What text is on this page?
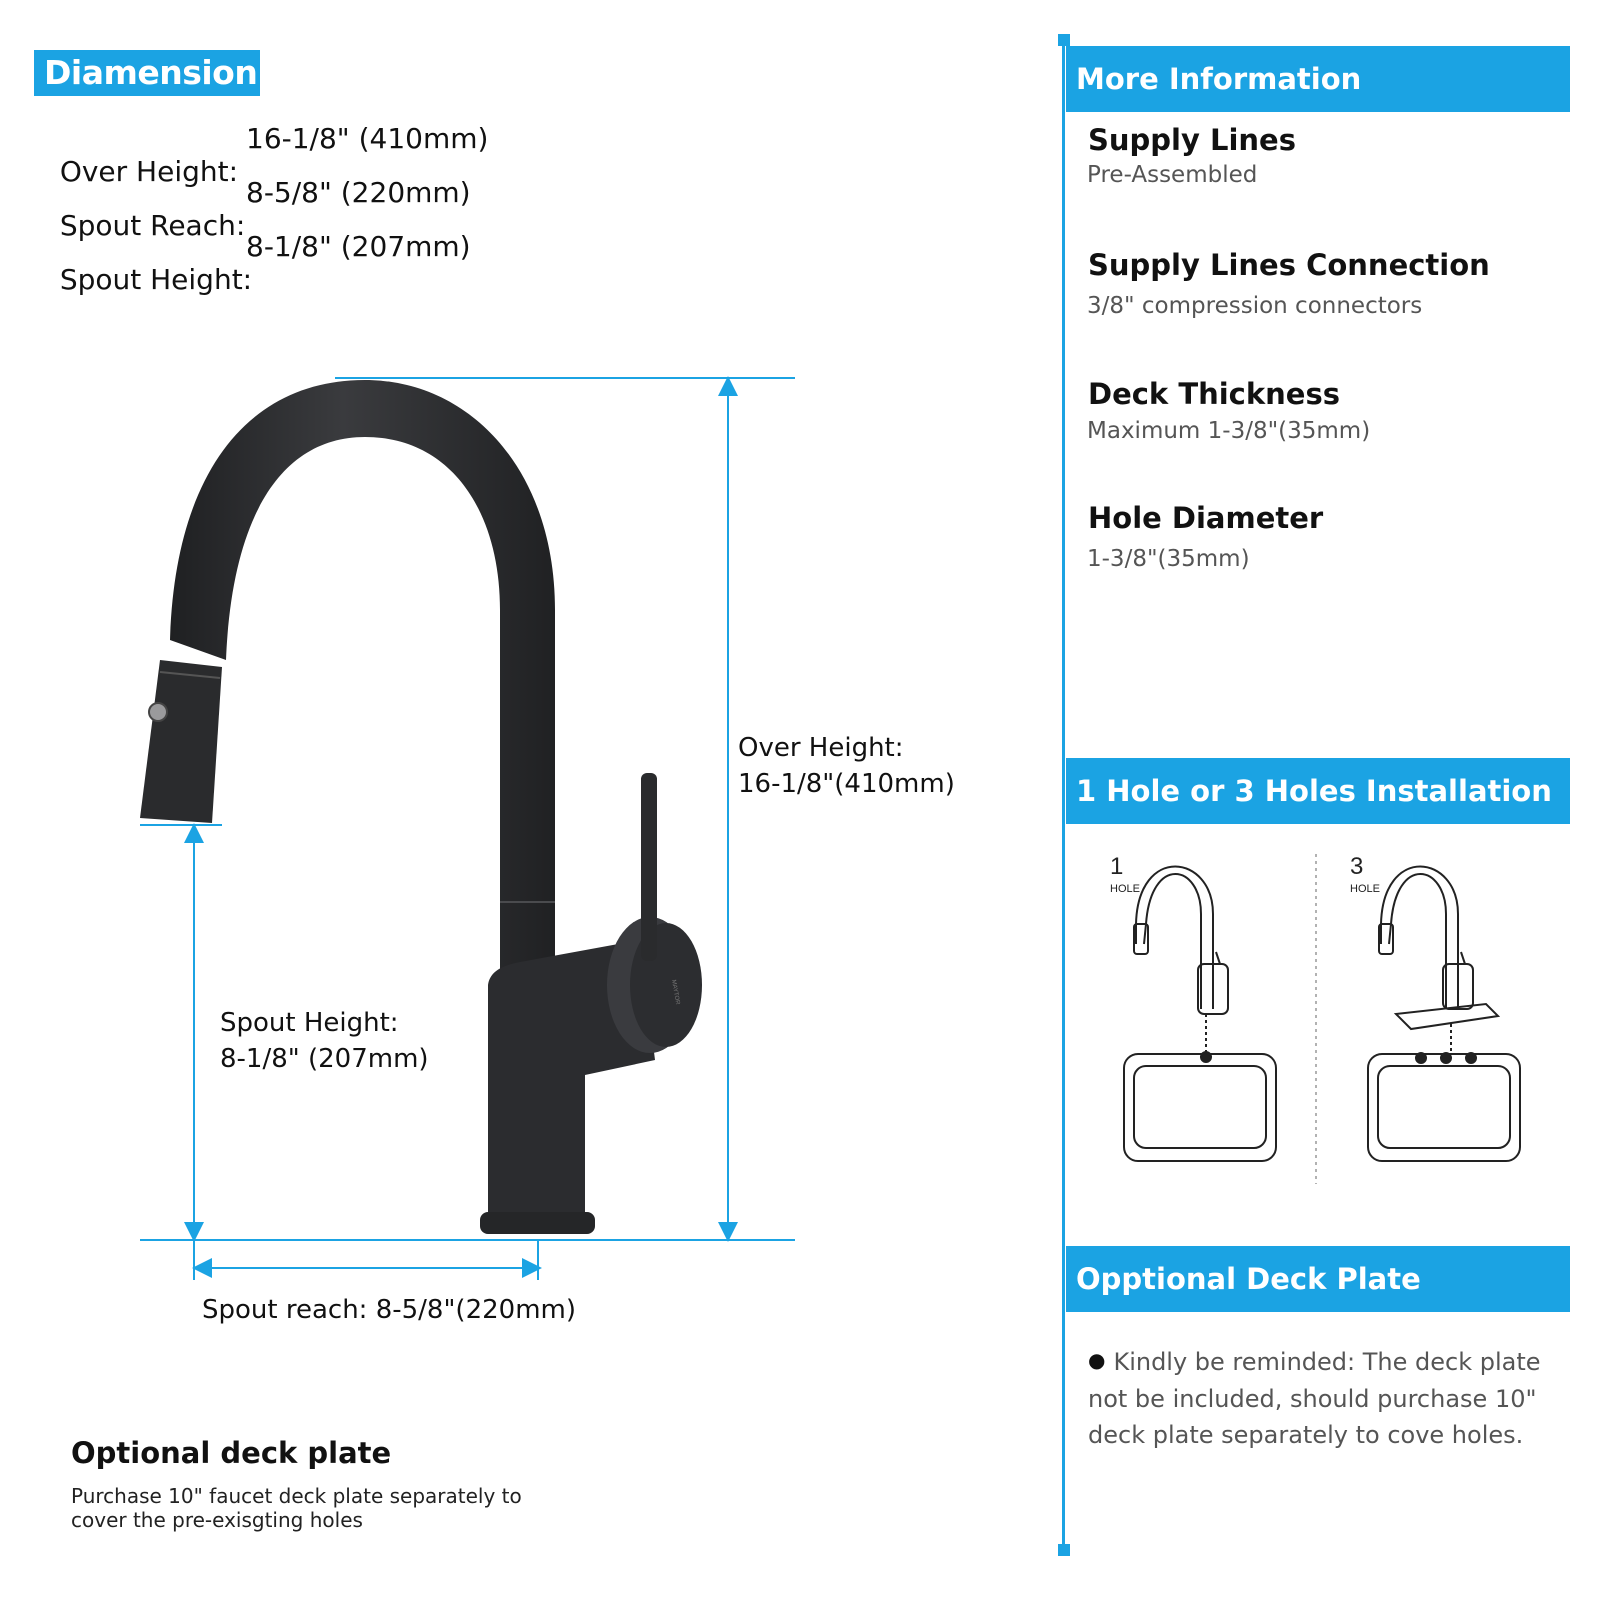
Diamension:

Over Height:

16-1/8" (410mm)

Spout Reach:

8-5/8" (220mm)

Spout Height:

8-1/8" (207mm)

MAYTOR
Over Height:
16-1/8"(410mm)
Spout Height:
8-1/8" (207mm)
Spout reach: 8-5/8"(220mm)
Optional deck plate
Purchase 10" faucet deck plate separately to cover the pre-exisgting holes
More Information
Supply Lines
Pre-Assembled
Supply Lines Connection
3/8" compression connectors
Deck Thickness
Maximum 1-3/8"(35mm)
Hole Diameter
1-3/8"(35mm)
1 Hole or 3 Holes Installation
1
HOLE
3
HOLE
Opptional Deck Plate
● Kindly be reminded: The deck plate not be included, should purchase 10" deck plate separately to cove holes.
